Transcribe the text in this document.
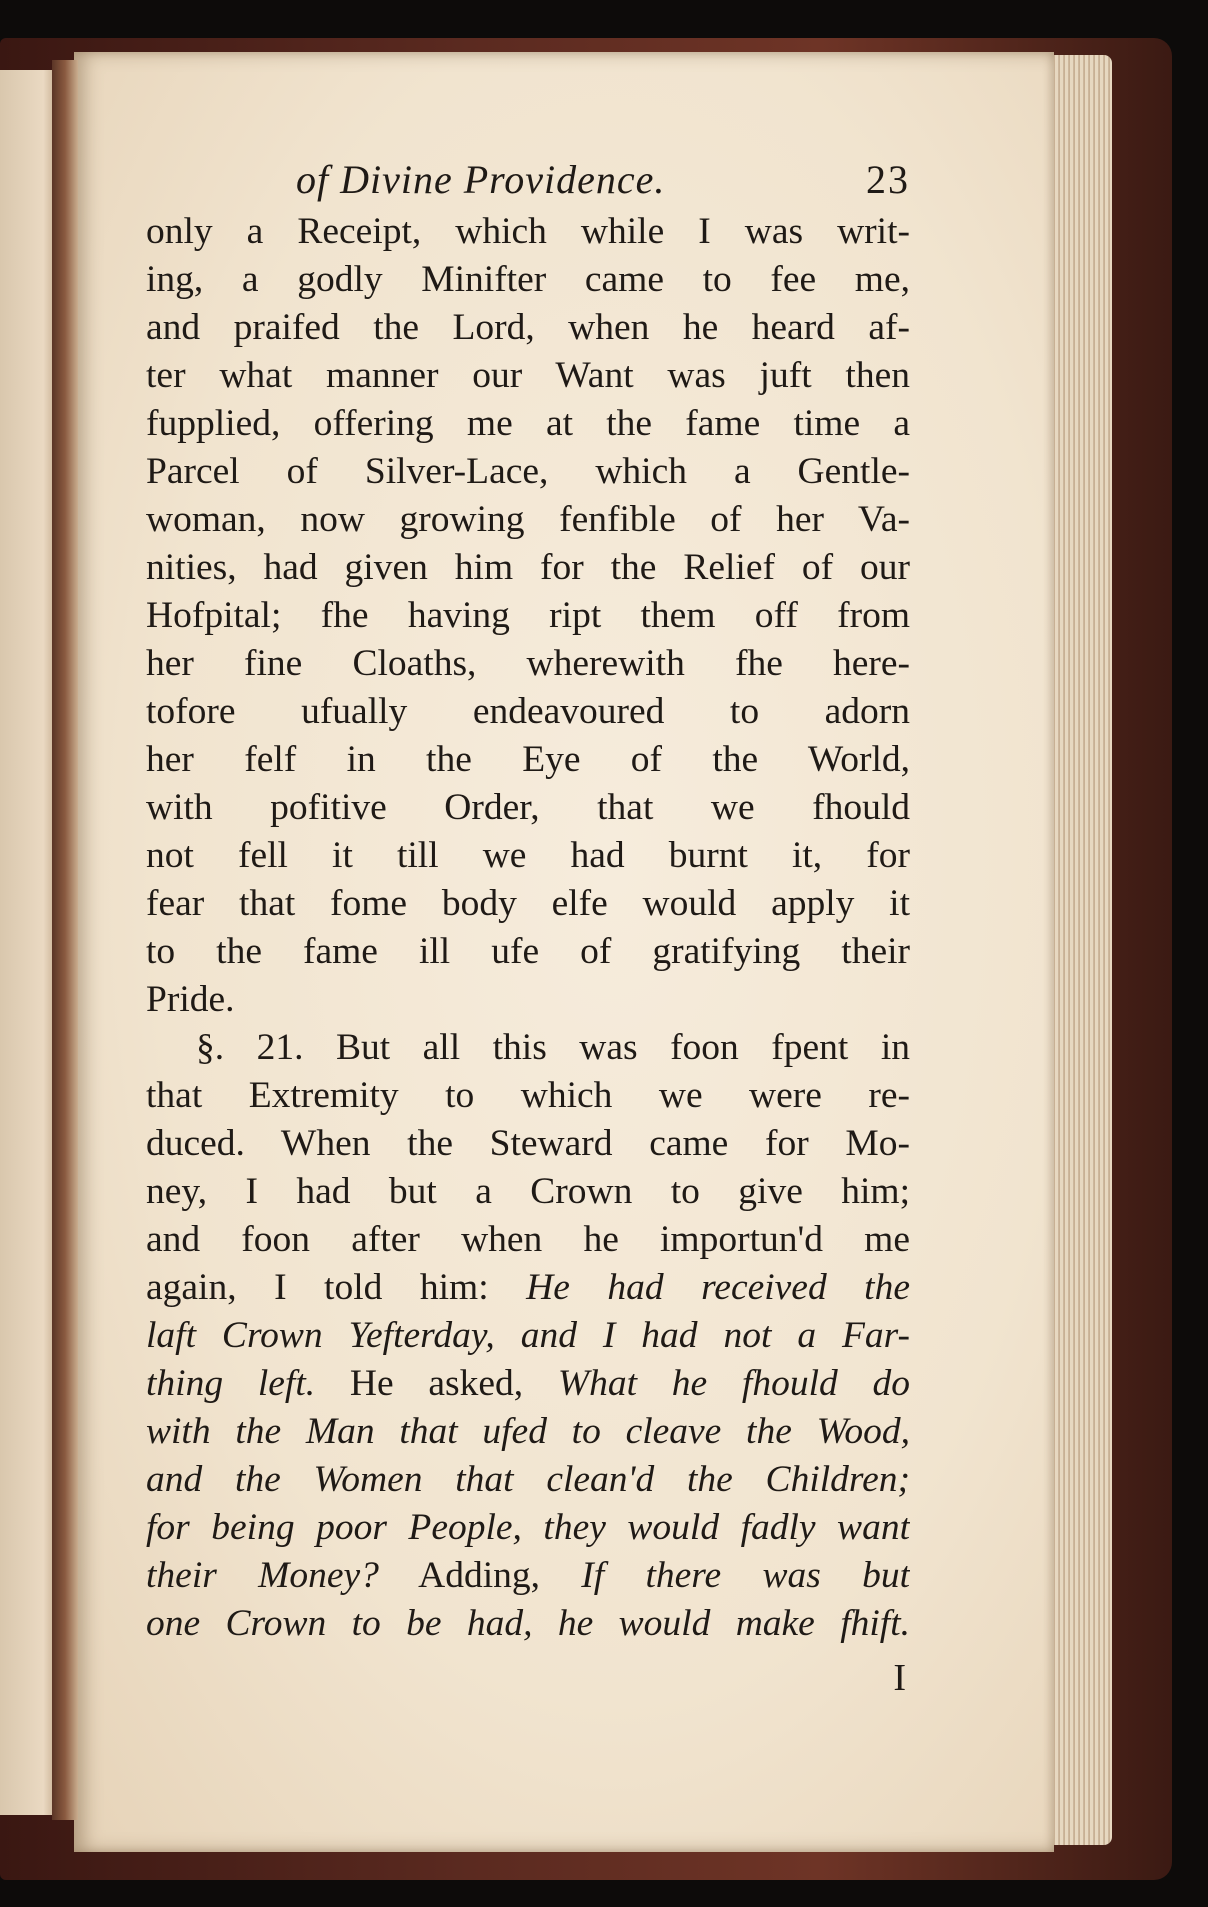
of Divine Providence.	23
only a Receipt, which while I was writ-
ing, a godly Minifter came to fee me,
and praifed the Lord, when he heard af-
ter what manner our Want was juft then
fupplied, offering me at the fame time a
Parcel of Silver-Lace, which a Gentle-
woman, now growing fenfible of her Va-
nities, had given him for the Relief of our
Hofpital; fhe having ript them off from
her fine Cloaths, wherewith fhe here-
tofore ufually endeavoured to adorn
her felf in the Eye of the World,
with pofitive Order, that we fhould
not fell it till we had burnt it, for
fear that fome body elfe would apply it
to the fame ill ufe of gratifying their
Pride.
§. 21. But all this was foon fpent in
that Extremity to which we were re-
duced. When the Steward came for Mo-
ney, I had but a Crown to give him;
and foon after when he importun'd me
again, I told him: He had received the
laft Crown Yefterday, and I had not a Far-
thing left. He asked, What he fhould do
with the Man that ufed to cleave the Wood,
and the Women that clean'd the Children;
for being poor People, they would fadly want
their Money? Adding, If there was but
one Crown to be had, he would make fhift.
I
